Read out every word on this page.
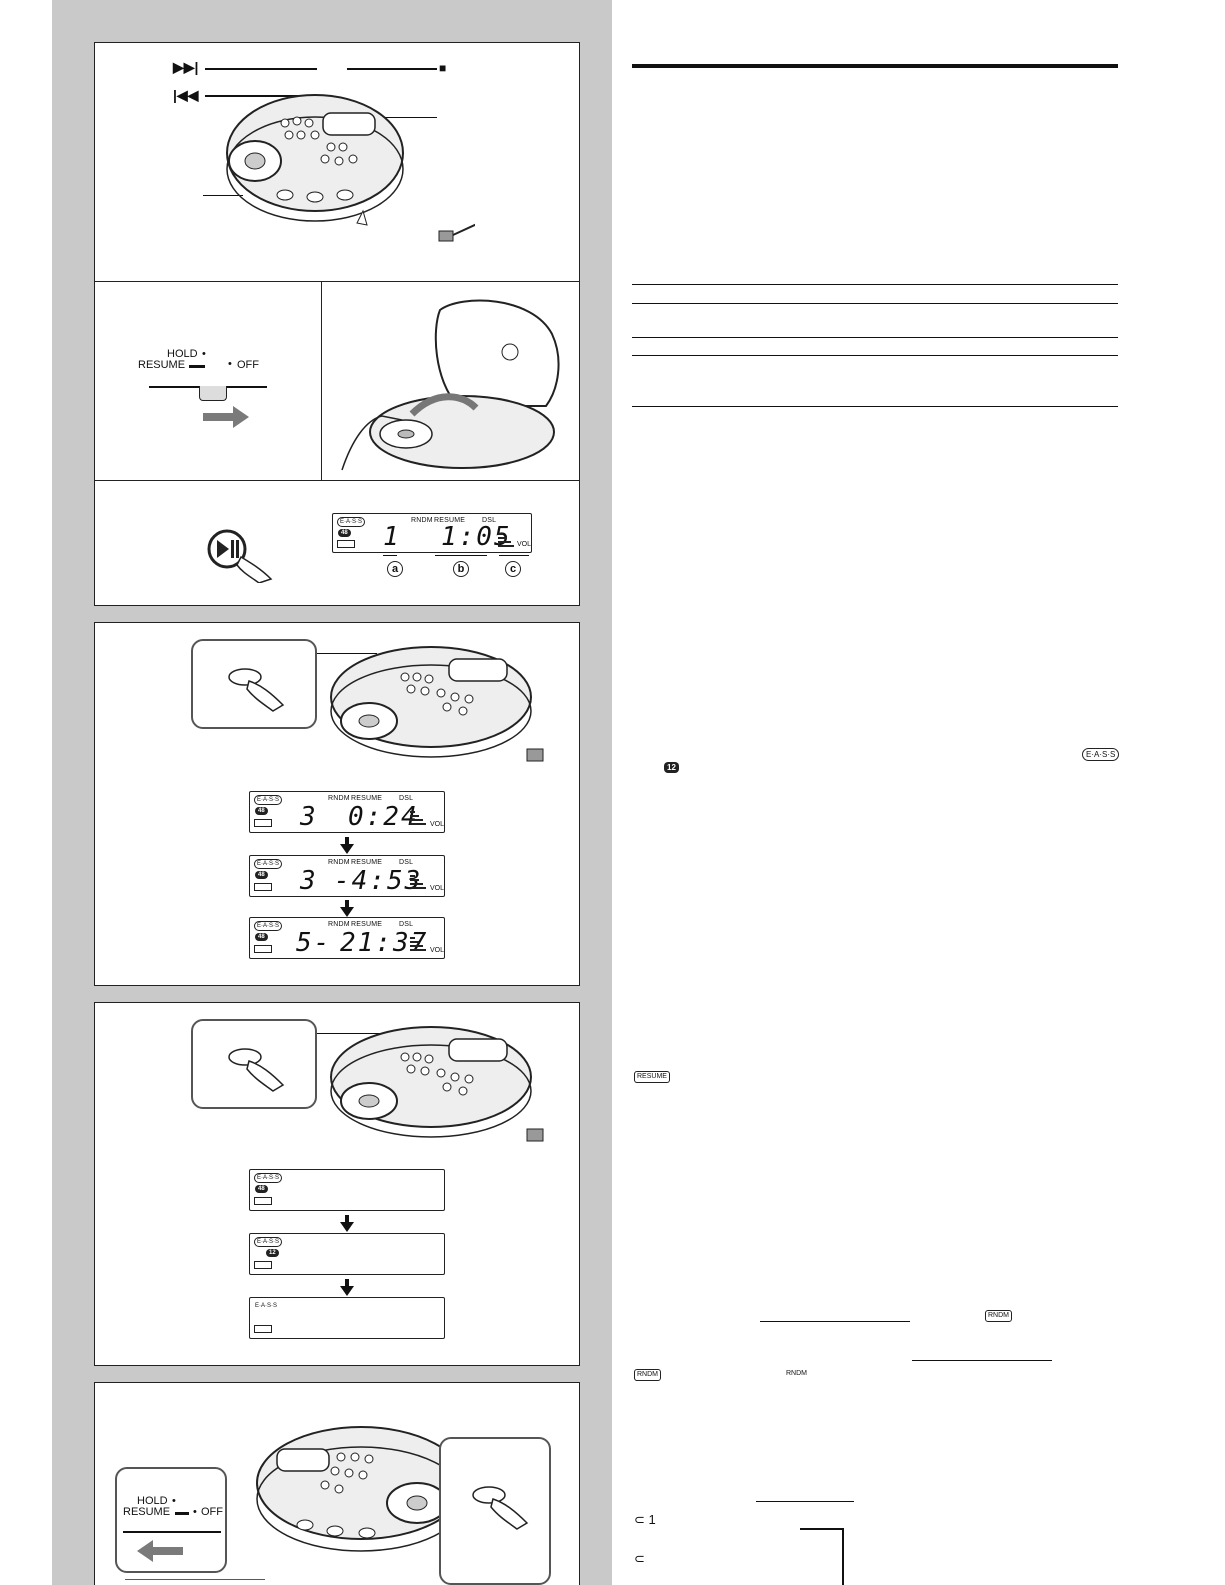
▶▶|
|◀◀
■
HOLD •
RESUME	• OFF
E·A·S·S
48
RNDM RESUME DSL
1 1:05 VOL
a	b	c
E·A·S·S
48
RNDM RESUME DSL
3 0:24 VOL
E·A·S·S
48
RNDM RESUME DSL
3 -4:53 VOL
E·A·S·S
48
RNDM RESUME DSL
5- 21:37 VOL
E·A·S·S
48
E·A·S·S
12
E·A·S·S
HOLD •
RESUME • OFF
E·A·S·S
12
RESUME
RNDM
RNDM	RNDM
⊂ 1
⊂
